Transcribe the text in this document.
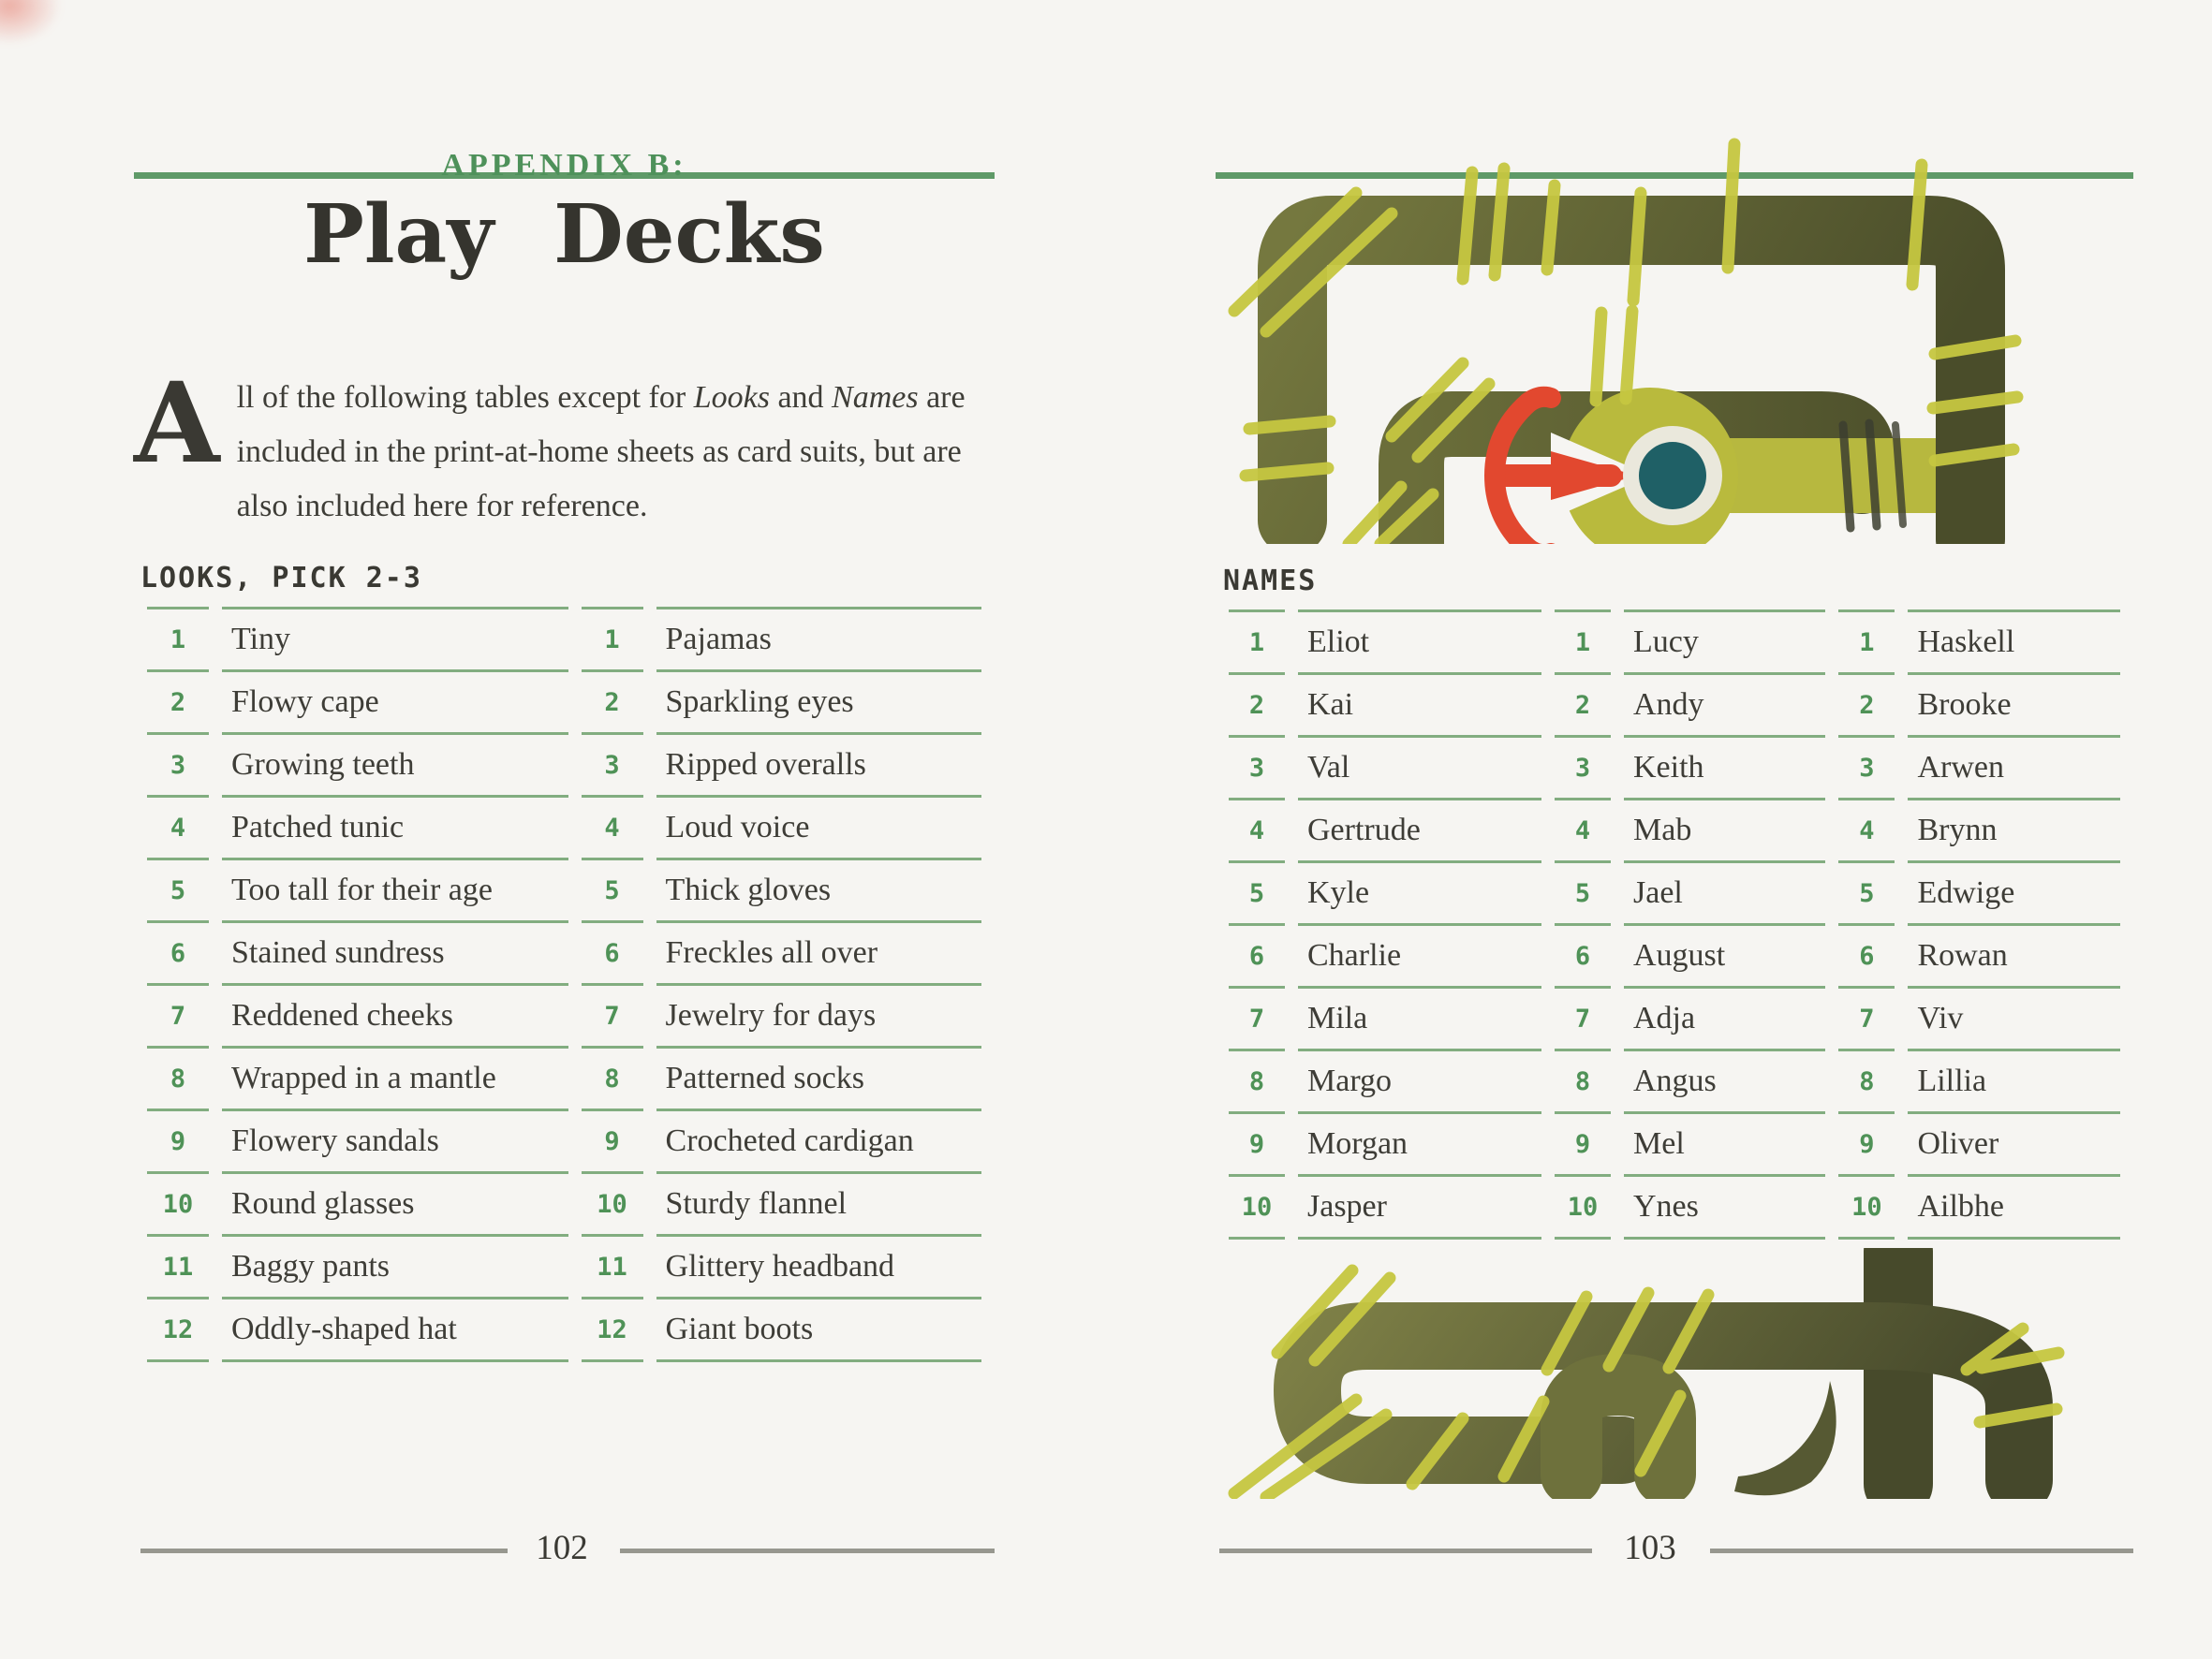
APPENDIX B:
Play Decks

All of the following tables except for Looks and Names are included in the print-at-home sheets as card suits, but are also included here for reference.

LOOKS, PICK 2-3
1	Tiny	1	Pajamas
2	Flowy cape	2	Sparkling eyes
3	Growing teeth	3	Ripped overalls
4	Patched tunic	4	Loud voice
5	Too tall for their age	5	Thick gloves
6	Stained sundress	6	Freckles all over
7	Reddened cheeks	7	Jewelry for days
8	Wrapped in a mantle	8	Patterned socks
9	Flowery sandals	9	Crocheted cardigan
10	Round glasses	10	Sturdy flannel
11	Baggy pants	11	Glittery headband
12	Oddly-shaped hat	12	Giant boots
102
NAMES
1	Eliot	1	Lucy	1	Haskell
2	Kai	2	Andy	2	Brooke
3	Val	3	Keith	3	Arwen
4	Gertrude	4	Mab	4	Brynn
5	Kyle	5	Jael	5	Edwige
6	Charlie	6	August	6	Rowan
7	Mila	7	Adja	7	Viv
8	Margo	8	Angus	8	Lillia
9	Morgan	9	Mel	9	Oliver
10	Jasper	10	Ynes	10	Ailbhe
103
